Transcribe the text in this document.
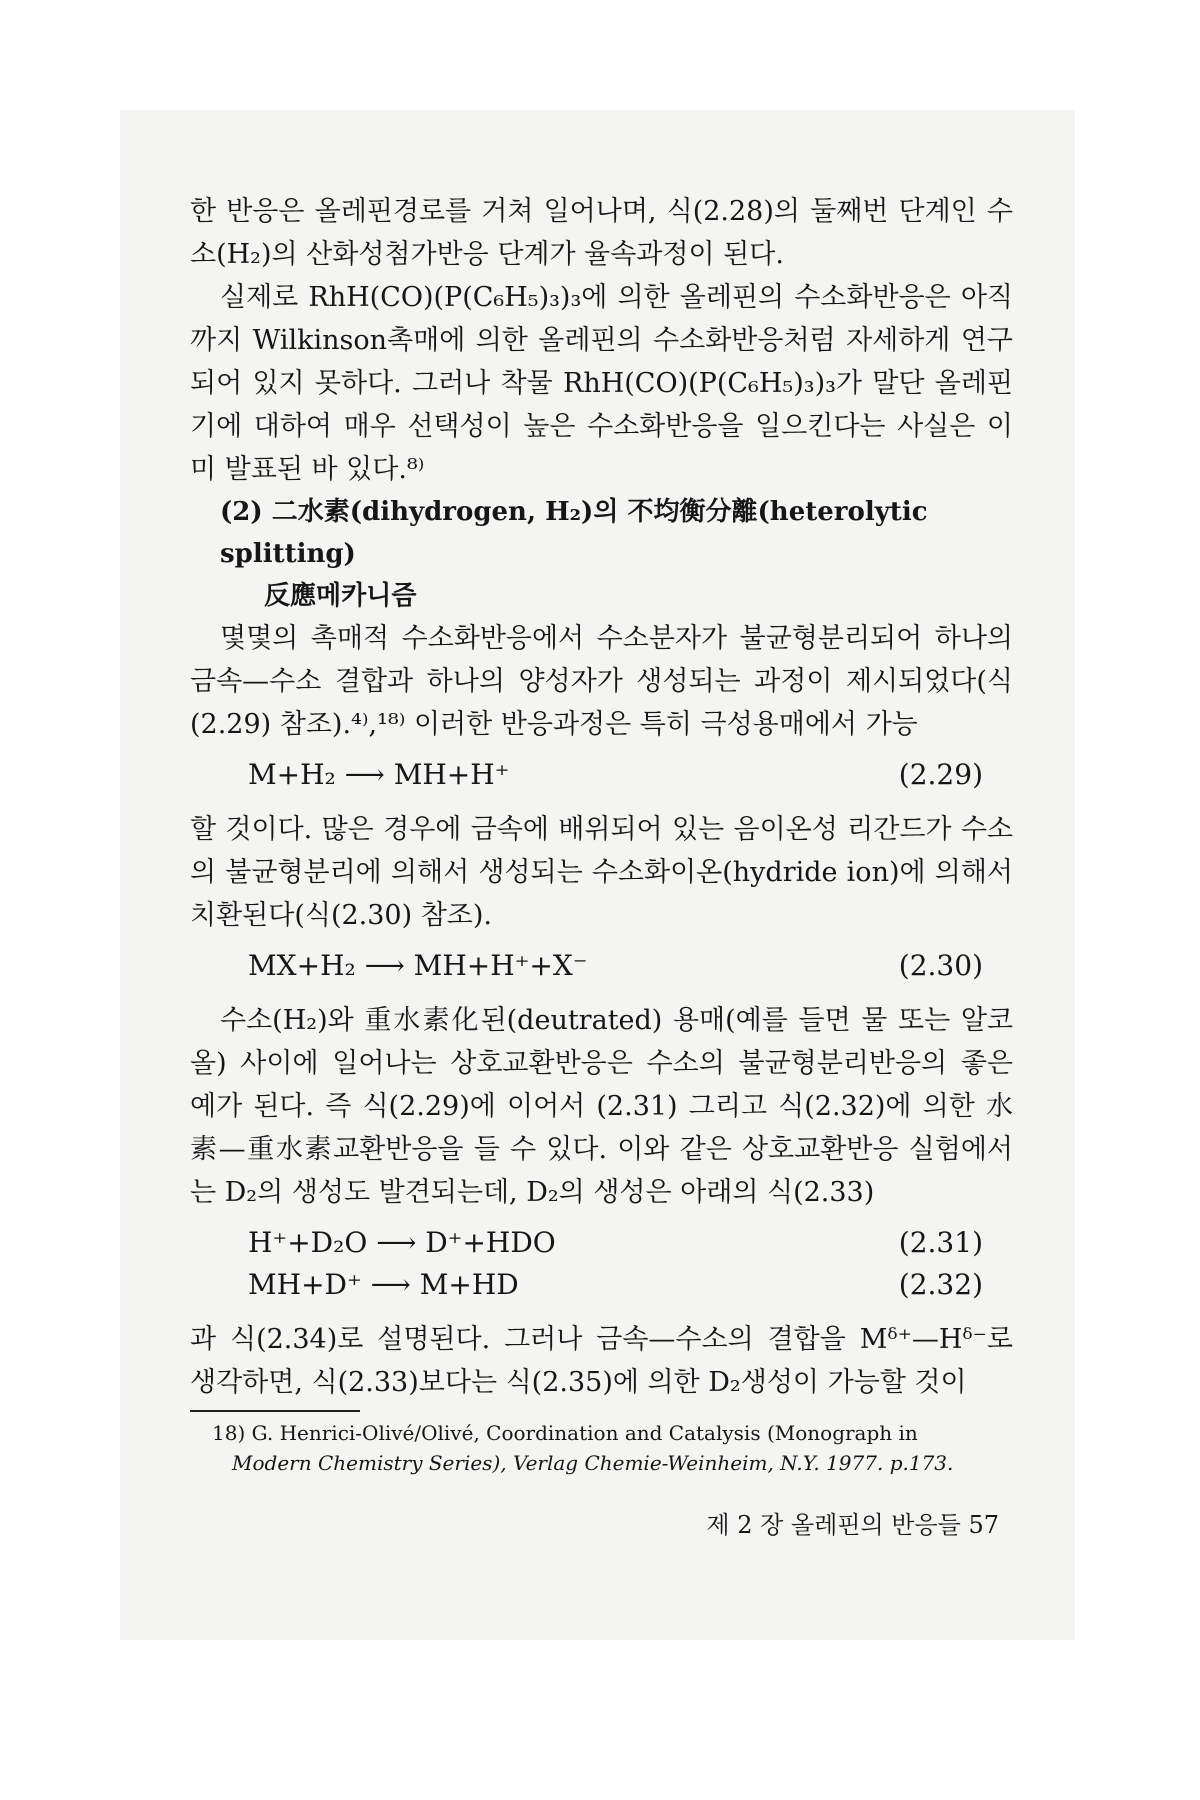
한 반응은 올레핀경로를 거쳐 일어나며, 식(2.28)의 둘째번 단계인 수소(H₂)의 산화성첨가반응 단계가 율속과정이 된다.

실제로 RhH(CO)(P(C₆H₅)₃)₃에 의한 올레핀의 수소화반응은 아직까지 Wilkinson촉매에 의한 올레핀의 수소화반응처럼 자세하게 연구되어 있지 못하다. 그러나 착물 RhH(CO)(P(C₆H₅)₃)₃가 말단 올레핀기에 대하여 매우 선택성이 높은 수소화반응을 일으킨다는 사실은 이미 발표된 바 있다.⁸⁾

(2) 二水素(dihydrogen, H₂)의 不均衡分離(heterolytic splitting)
反應메카니즘

몇몇의 촉매적 수소화반응에서 수소분자가 불균형분리되어 하나의 금속—수소 결합과 하나의 양성자가 생성되는 과정이 제시되었다(식(2.29) 참조).⁴⁾,¹⁸⁾ 이러한 반응과정은 특히 극성용매에서 가능

M+H₂ ⟶ MH+H⁺	(2.29)

할 것이다. 많은 경우에 금속에 배위되어 있는 음이온성 리간드가 수소의 불균형분리에 의해서 생성되는 수소화이온(hydride ion)에 의해서 치환된다(식(2.30) 참조).

MX+H₂ ⟶ MH+H⁺+X⁻	(2.30)

수소(H₂)와 重水素化된(deutrated) 용매(예를 들면 물 또는 알코올) 사이에 일어나는 상호교환반응은 수소의 불균형분리반응의 좋은 예가 된다. 즉 식(2.29)에 이어서 (2.31) 그리고 식(2.32)에 의한 水素—重水素교환반응을 들 수 있다. 이와 같은 상호교환반응 실험에서는 D₂의 생성도 발견되는데, D₂의 생성은 아래의 식(2.33)

H⁺+D₂O ⟶ D⁺+HDO	(2.31)
MH+D⁺ ⟶ M+HD	(2.32)

과 식(2.34)로 설명된다. 그러나 금속—수소의 결합을 Mᵟ⁺—Hᵟ⁻로 생각하면, 식(2.33)보다는 식(2.35)에 의한 D₂생성이 가능할 것이

18) G. Henrici-Olivé/Olivé, Coordination and Catalysis (Monograph in
Modern Chemistry Series), Verlag Chemie-Weinheim, N.Y. 1977. p.173.
제 2 장 올레핀의 반응들 57
